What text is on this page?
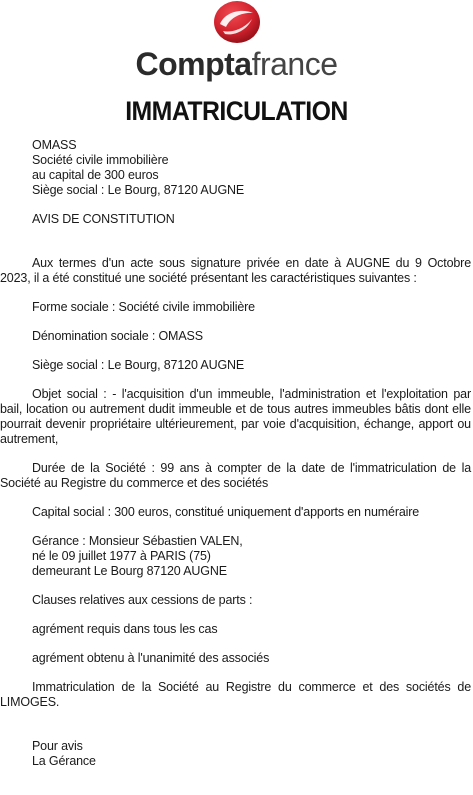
Comptafrance
IMMATRICULATION
OMASS
Société civile immobilière
au capital de 300 euros
Siège social : Le Bourg, 87120 AUGNE

AVIS DE CONSTITUTION

Aux termes d'un acte sous signature privée en date à AUGNE du 9 Octobre 2023, il a été constitué une société présentant les caractéristiques suivantes :

Forme sociale : Société civile immobilière

Dénomination sociale : OMASS

Siège social : Le Bourg, 87120 AUGNE

Objet social : - l'acquisition d'un immeuble, l'administration et l'exploitation par bail, location ou autrement dudit immeuble et de tous autres immeubles bâtis dont elle pourrait devenir propriétaire ultérieurement, par voie d'acquisition, échange, apport ou autrement,

Durée de la Société : 99 ans à compter de la date de l'immatriculation de la Société au Registre du commerce et des sociétés

Capital social : 300 euros, constitué uniquement d'apports en numéraire

Gérance : Monsieur Sébastien VALEN,
né le 09 juillet 1977 à PARIS (75)
demeurant Le Bourg 87120 AUGNE

Clauses relatives aux cessions de parts :

agrément requis dans tous les cas

agrément obtenu à l'unanimité des associés

Immatriculation de la Société au Registre du commerce et des sociétés de LIMOGES.

Pour avis
La Gérance
